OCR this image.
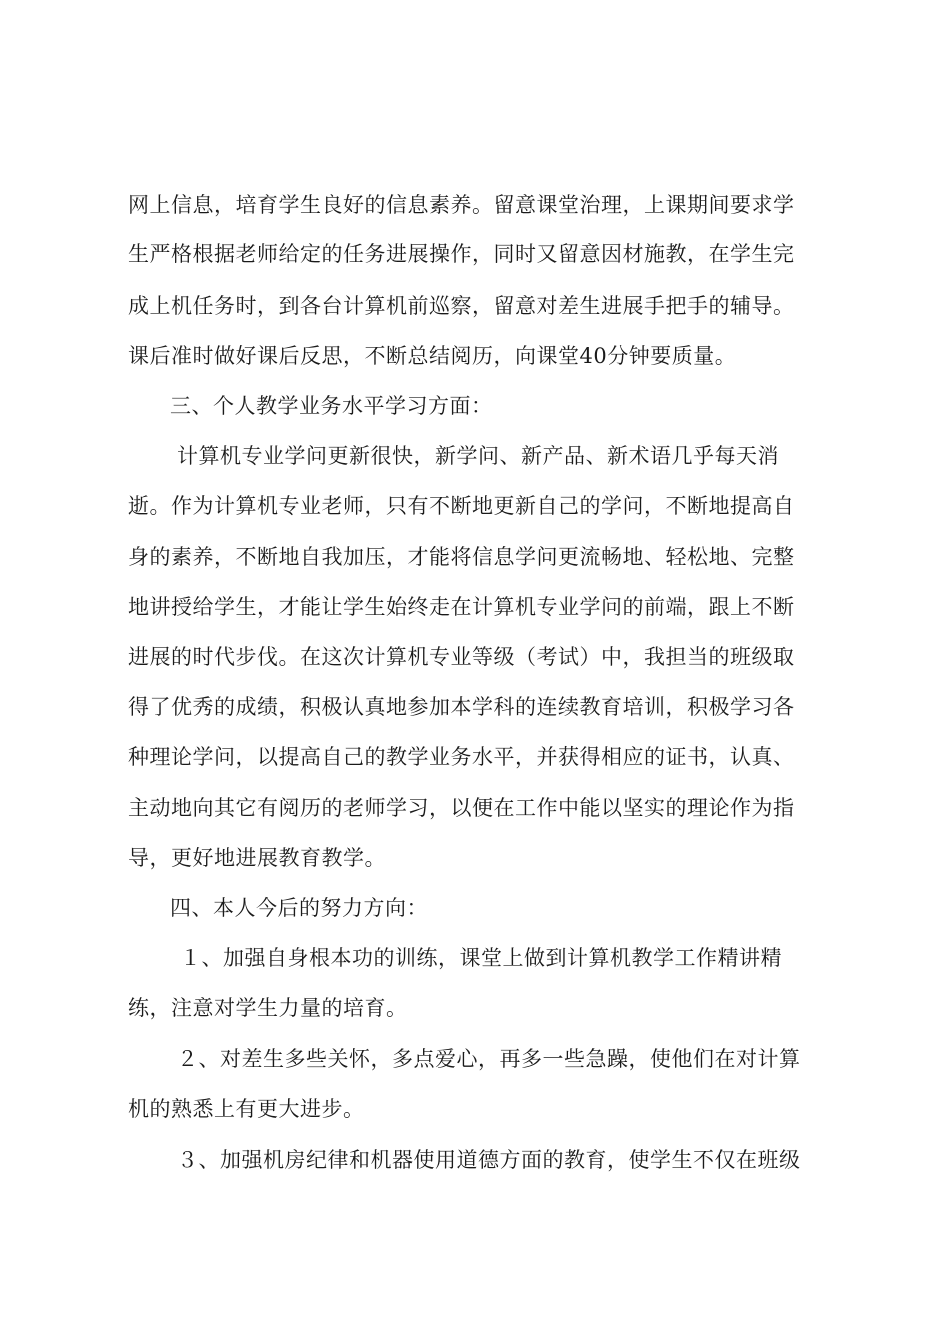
网上信息，培育学生良好的信息素养。留意课堂治理，上课期间要求学
生严格根据老师给定的任务进展操作，同时又留意因材施教，在学生完
成上机任务时，到各台计算机前巡察，留意对差生进展手把手的辅导。
课后准时做好课后反思，不断总结阅历，向课堂40分钟要质量。
三、个人教学业务水平学习方面：
计算机专业学问更新很快，新学问、新产品、新术语几乎每天消
逝。作为计算机专业老师，只有不断地更新自己的学问，不断地提高自
身的素养，不断地自我加压，才能将信息学问更流畅地、轻松地、完整
地讲授给学生，才能让学生始终走在计算机专业学问的前端，跟上不断
进展的时代步伐。在这次计算机专业等级（考试）中，我担当的班级取
得了优秀的成绩，积极认真地参加本学科的连续教育培训，积极学习各
种理论学问，以提高自己的教学业务水平，并获得相应的证书，认真、
主动地向其它有阅历的老师学习，以便在工作中能以坚实的理论作为指
导，更好地进展教育教学。
四、本人今后的努力方向：
１、加强自身根本功的训练，课堂上做到计算机教学工作精讲精
练，注意对学生力量的培育。
２、对差生多些关怀，多点爱心，再多一些急躁，使他们在对计算
机的熟悉上有更大进步。
３、加强机房纪律和机器使用道德方面的教育，使学生不仅在班级
